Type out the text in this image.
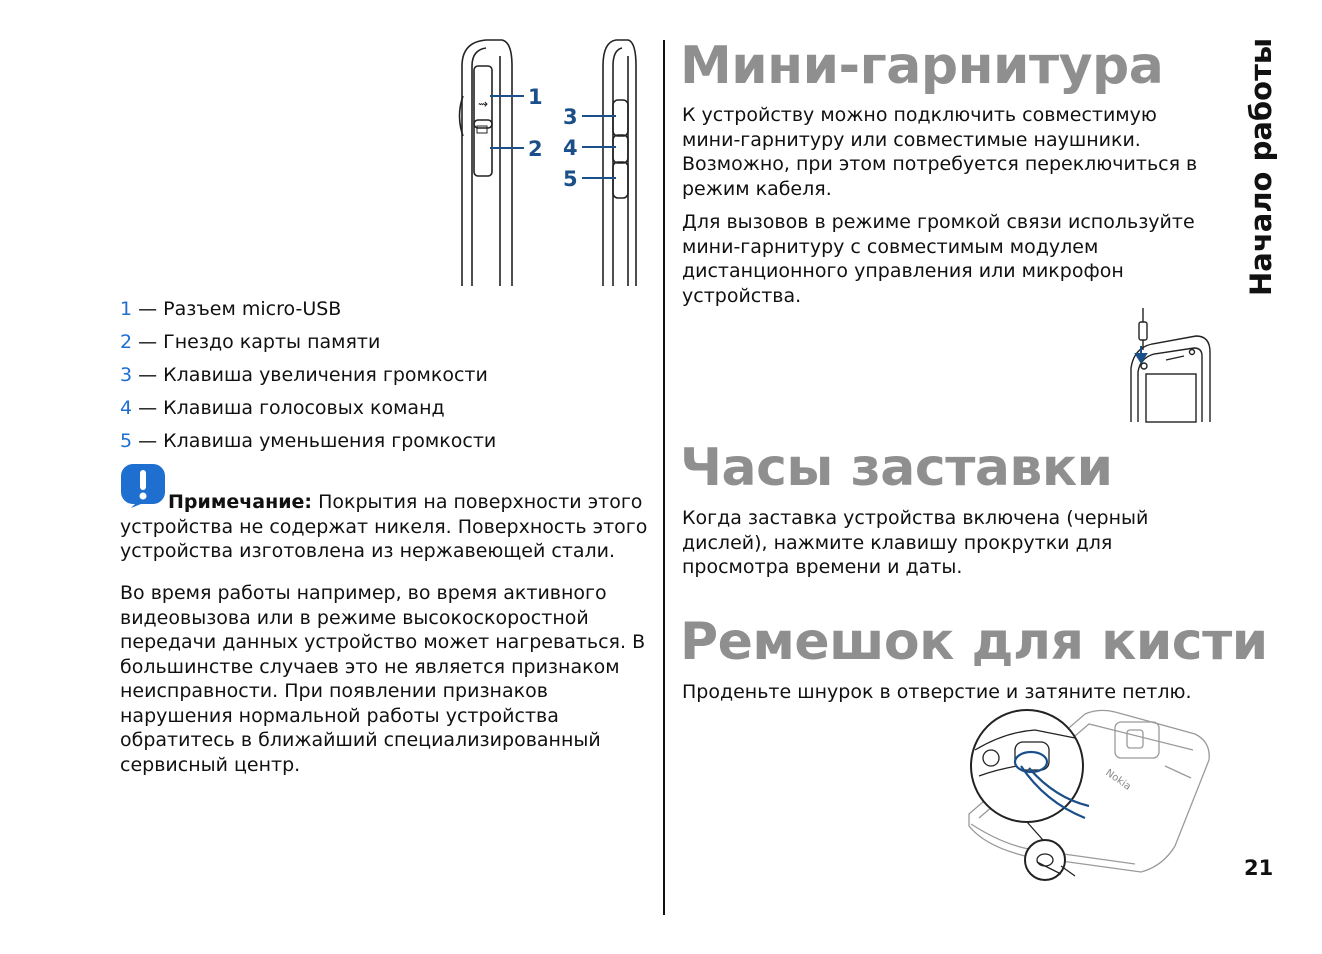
⇝ 1
2
3
4
5
1 — Разъем micro-USB
2 — Гнездо карты памяти
3 — Клавиша увеличения громкости
4 — Клавиша голосовых команд
5 — Клавиша уменьшения громкости

Примечание: Покрытия на поверхности этого устройства не содержат никеля. Поверхность этого устройства изготовлена из нержавеющей стали.

Во время работы например, во время активного видеовызова или в режиме высокоскоростной передачи данных устройство может нагреваться. В большинстве случаев это не является признаком неисправности. При появлении признаков нарушения нормальной работы устройства обратитесь в ближайший специализированный сервисный центр.

Мини-гарнитура

К устройству можно подключить совместимую мини-гарнитуру или совместимые наушники. Возможно, при этом потребуется переключиться в режим кабеля.

Для вызовов в режиме громкой связи используйте мини-гарнитуру с совместимым модулем дистанционного управления или микрофон устройства.

Часы заставки

Когда заставка устройства включена (черный дислей), нажмите клавишу прокрутки для просмотра времени и даты.

Ремешок для кисти

Проденьте шнурок в отверстие и затяните петлю.

Nokia
Начало работы
21
